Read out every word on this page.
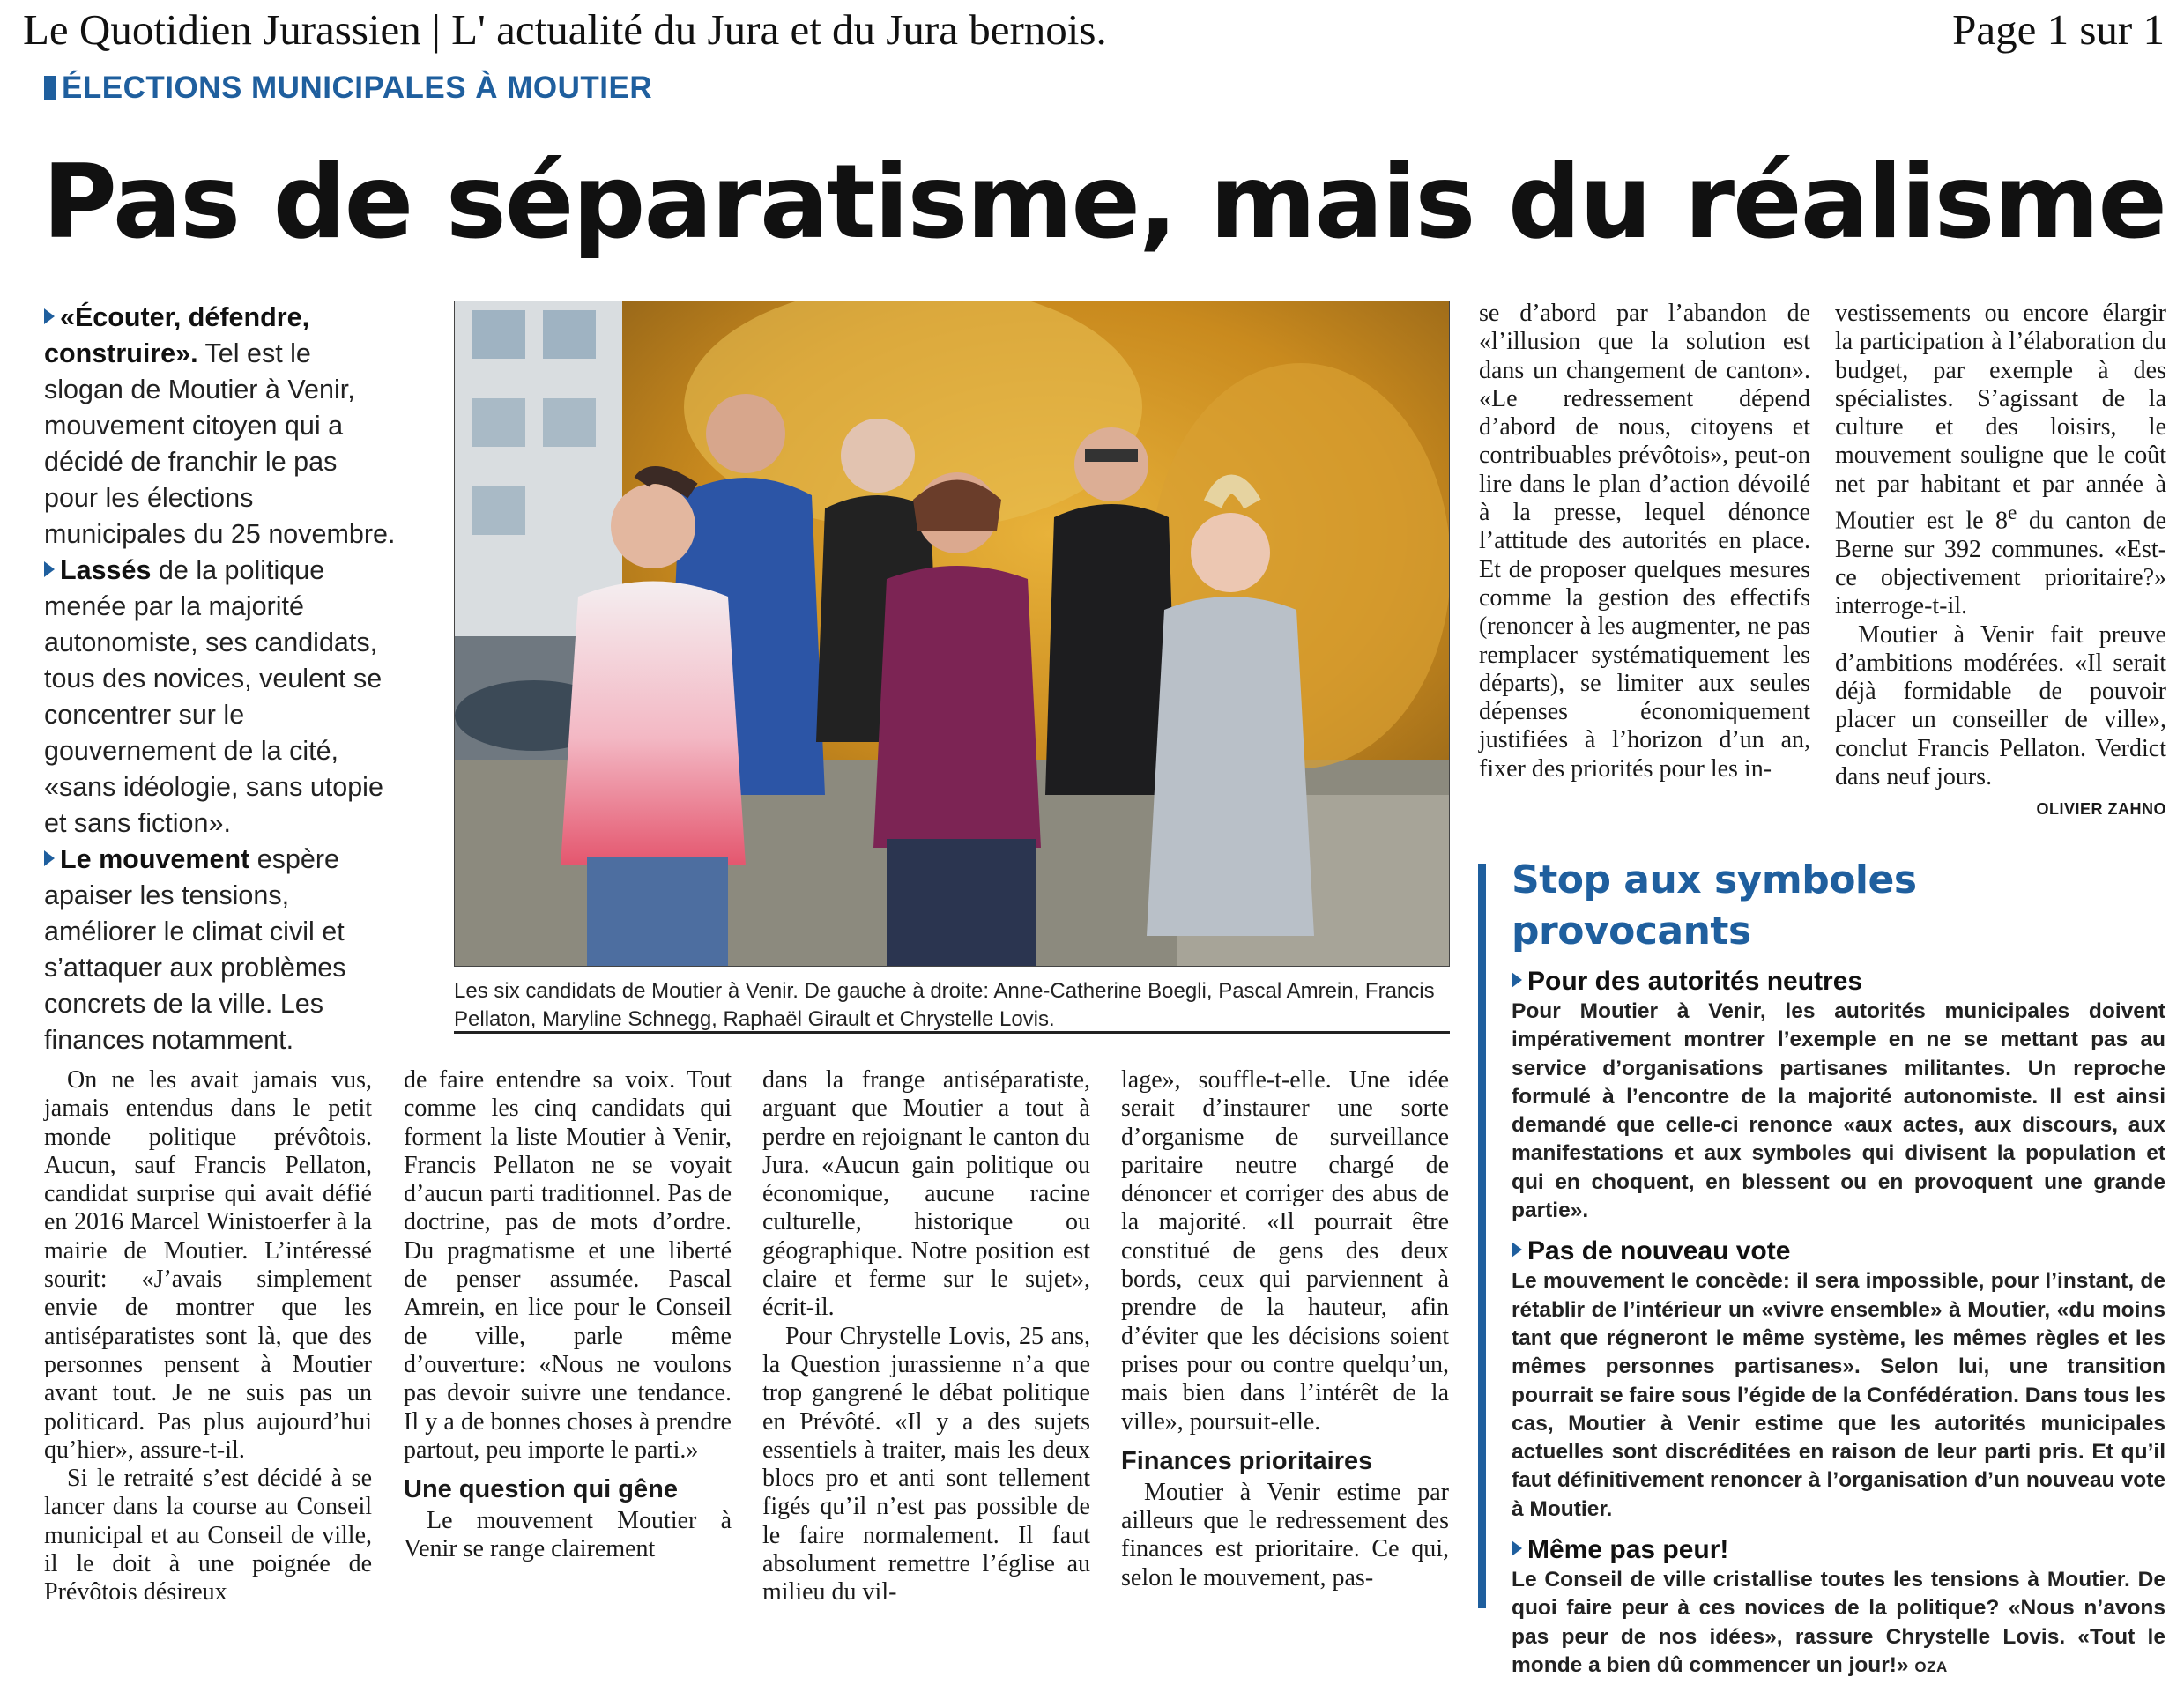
Le Quotidien Jurassien | L' actualité du Jura et du Jura bernois.	Page 1 sur 1
ÉLECTIONS MUNICIPALES À MOUTIER
Pas de séparatisme, mais du réalisme

«Écouter, défendre, construire». Tel est le slogan de Moutier à Venir, mouvement citoyen qui a décidé de franchir le pas pour les élections municipales du 25 novembre.

Lassés de la politique menée par la majorité autonomiste, ses candidats, tous des novices, veulent se concentrer sur le gouvernement de la cité, «sans idéologie, sans utopie et sans fiction».

Le mouvement espère apaiser les tensions, améliorer le climat civil et s’attaquer aux problèmes concrets de la ville. Les finances notamment.

Les six candidats de Moutier à Venir. De gauche à droite: Anne-Catherine Boegli, Pascal Amrein, Francis Pellaton, Maryline Schnegg, Raphaël Girault et Chrystelle Lovis.

On ne les avait jamais vus, jamais entendus dans le petit monde politique prévôtois. Aucun, sauf Francis Pellaton, candidat surprise qui avait défié en 2016 Marcel Winistoerfer à la mairie de Moutier. L’intéressé sourit: «J’avais simplement envie de montrer que les antiséparatistes sont là, que des personnes pensent à Moutier avant tout. Je ne suis pas un politicard. Pas plus aujourd’hui qu’hier», assure-t-il.

Si le retraité s’est décidé à se lancer dans la course au Conseil municipal et au Conseil de ville, il le doit à une poignée de Prévôtois désireux

de faire entendre sa voix. Tout comme les cinq candidats qui forment la liste Moutier à Venir, Francis Pellaton ne se voyait d’aucun parti traditionnel. Pas de doctrine, pas de mots d’ordre. Du pragmatisme et une liberté de penser assumée. Pascal Amrein, en lice pour le Conseil de ville, parle même d’ouverture: «Nous ne voulons pas devoir suivre une tendance. Il y a de bonnes choses à prendre partout, peu importe le parti.»

Une question qui gêne

Le mouvement Moutier à Venir se range clairement

dans la frange antiséparatiste, arguant que Moutier a tout à perdre en rejoignant le canton du Jura. «Aucun gain politique ou économique, aucune racine culturelle, historique ou géographique. Notre position est claire et ferme sur le sujet», écrit-il.

Pour Chrystelle Lovis, 25 ans, la Question jurassienne n’a que trop gangrené le débat politique en Prévôté. «Il y a des sujets essentiels à traiter, mais les deux blocs pro et anti sont tellement figés qu’il n’est pas possible de le faire normalement. Il faut absolument remettre l’église au milieu du vil-

lage», souffle-t-elle. Une idée serait d’instaurer une sorte d’organisme de surveillance paritaire neutre chargé de dénoncer et corriger des abus de la majorité. «Il pourrait être constitué de gens des deux bords, ceux qui parviennent à prendre de la hauteur, afin d’éviter que les décisions soient prises pour ou contre quelqu’un, mais bien dans l’intérêt de la ville», poursuit-elle.

Finances prioritaires

Moutier à Venir estime par ailleurs que le redressement des finances est prioritaire. Ce qui, selon le mouvement, pas-

se d’abord par l’abandon de «l’illusion que la solution est dans un changement de canton». «Le redressement dépend d’abord de nous, citoyens et contribuables prévôtois», peut-on lire dans le plan d’action dévoilé à la presse, lequel dénonce l’attitude des autorités en place. Et de proposer quelques mesures comme la gestion des effectifs (renoncer à les augmenter, ne pas remplacer systématiquement les départs), se limiter aux seules dépenses économiquement justifiées à l’horizon d’un an, fixer des priorités pour les in-

vestissements ou encore élargir la participation à l’élaboration du budget, par exemple à des spécialistes. S’agissant de la culture et des loisirs, le mouvement souligne que le coût net par habitant et par année à Moutier est le 8e du canton de Berne sur 392 communes. «Est-ce objectivement prioritaire?» interroge-t-il.

Moutier à Venir fait preuve d’ambitions modérées. «Il serait déjà formidable de pouvoir placer un conseiller de ville», conclut Francis Pellaton. Verdict dans neuf jours.

OLIVIER ZAHNO
Stop aux symboles provocants
Pour des autorités neutres

Pour Moutier à Venir, les autorités municipales doivent impérativement montrer l’exemple en ne se mettant pas au service d’organisations partisanes militantes. Un reproche formulé à l’encontre de la majorité autonomiste. Il est ainsi demandé que celle-ci renonce «aux actes, aux discours, aux manifestations et aux symboles qui divisent la population et qui en choquent, en blessent ou en provoquent une grande partie».

Pas de nouveau vote

Le mouvement le concède: il sera impossible, pour l’instant, de rétablir de l’intérieur un «vivre ensemble» à Moutier, «du moins tant que régneront le même système, les mêmes règles et les mêmes personnes partisanes». Selon lui, une transition pourrait se faire sous l’égide de la Confédération. Dans tous les cas, Moutier à Venir estime que les autorités municipales actuelles sont discréditées en raison de leur parti pris. Et qu’il faut définitivement renoncer à l’organisation d’un nouveau vote à Moutier.

Même pas peur!

Le Conseil de ville cristallise toutes les tensions à Moutier. De quoi faire peur à ces novices de la politique? «Nous n’avons pas peur de nos idées», rassure Chrystelle Lovis. «Tout le monde a bien dû commencer un jour!» OZA
